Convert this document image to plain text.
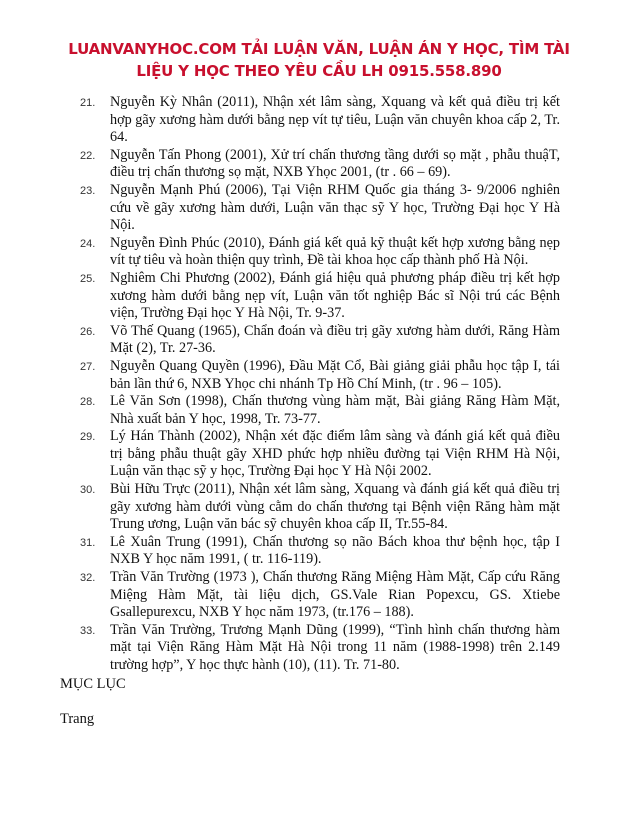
LUANVANYHOC.COM TẢI LUẬN VĂN, LUẬN ÁN Y HỌC, TÌM TÀI
LIỆU Y HỌC THEO YÊU CẦU LH 0915.558.890
21. Nguyễn Kỳ Nhân (2011), Nhận xét lâm sàng, Xquang và kết quả điều trị kết hợp gãy xương hàm dưới bằng nẹp vít tự tiêu, Luận văn chuyên khoa cấp 2, Tr. 64.
22. Nguyễn Tấn Phong (2001), Xử trí chấn thương tầng dưới sọ mặt , phẫu thuậT, điều trị chấn thương sọ mặt, NXB Yhọc 2001, (tr . 66 – 69).
23. Nguyễn Mạnh Phú (2006), Tại Viện RHM Quốc gia tháng 3- 9/2006 nghiên cứu về gãy xương hàm dưới, Luận văn thạc sỹ Y học, Trường Đại học Y Hà Nội.
24. Nguyễn Đình Phúc (2010), Đánh giá kết quả kỹ thuật kết hợp xương bằng nẹp vít tự tiêu và hoàn thiện quy trình, Đề tài khoa học cấp thành phố Hà Nội.
25. Nghiêm Chi Phương (2002), Đánh giá hiệu quả phương pháp điều trị kết hợp xương hàm dưới bằng nẹp vít, Luận văn tốt nghiệp Bác sĩ Nội trú các Bệnh viện, Trường Đại học Y Hà Nội, Tr. 9-37.
26. Võ Thế Quang (1965), Chẩn đoán và điều trị gãy xương hàm dưới, Răng Hàm Mặt (2), Tr. 27-36.
27. Nguyễn Quang Quyền (1996), Đầu Mặt Cổ, Bài giảng giải phẫu học tập I, tái bản lần thứ 6, NXB Yhọc chi nhánh Tp Hồ Chí Minh, (tr . 96 – 105).
28. Lê Văn Sơn (1998), Chấn thương vùng hàm mặt, Bài giảng Răng Hàm Mặt, Nhà xuất bản Y học, 1998, Tr. 73-77.
29. Lý Hán Thành (2002), Nhận xét đặc điểm lâm sàng và đánh giá kết quả điều trị bằng phẫu thuật gãy XHD phức hợp nhiều đường tại Viện RHM Hà Nội, Luận văn thạc sỹ y học, Trường Đại học Y Hà Nội 2002.
30. Bùi Hữu Trực (2011), Nhận xét lâm sàng, Xquang và đánh giá kết quả điều trị gãy xương hàm dưới vùng cằm do chấn thương tại Bệnh viện Răng hàm mặt Trung ương, Luận văn bác sỹ chuyên khoa cấp II, Tr.55-84.
31. Lê Xuân Trung (1991), Chấn thương sọ não Bách khoa thư bệnh học, tập I NXB Y học năm 1991, ( tr. 116-119).
32. Trần Văn Trường (1973 ), Chấn thương Răng Miệng Hàm Mặt, Cấp cứu Răng Miệng Hàm Mặt, tài liệu dịch, GS.Vale Rian Popexcu, GS. Xtiebe Gsallepurexcu, NXB Y học năm 1973, (tr.176 – 188).
33. Trần Văn Trường, Trương Mạnh Dũng (1999), “Tình hình chấn thương hàm mặt tại Viện Răng Hàm Mặt Hà Nội trong 11 năm (1988-1998) trên 2.149 trường hợp”, Y học thực hành (10), (11). Tr. 71-80.
MỤC LỤC
Trang
